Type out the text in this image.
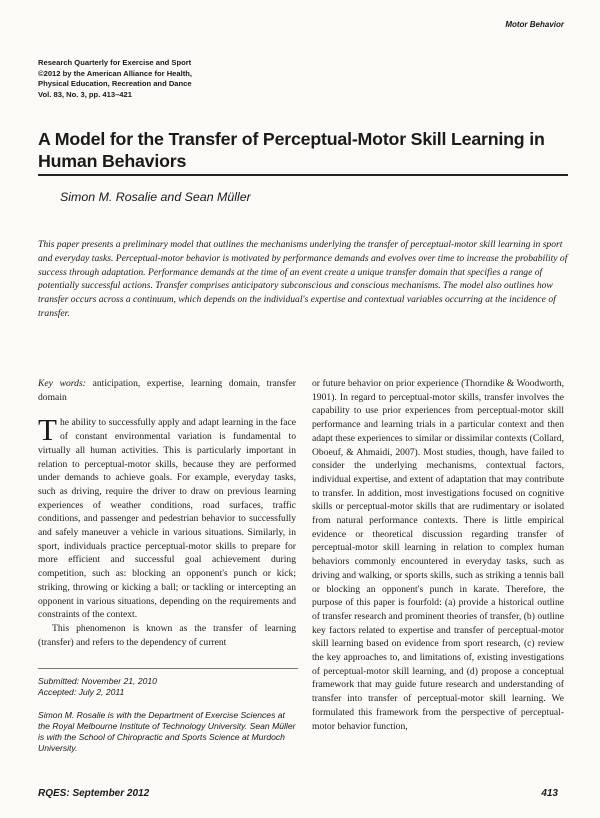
Motor Behavior
Research Quarterly for Exercise and Sport
©2012 by the American Alliance for Health,
Physical Education, Recreation and Dance
Vol. 83, No. 3, pp. 413–421
A Model for the Transfer of Perceptual-Motor Skill Learning in Human Behaviors
Simon M. Rosalie and Sean Müller

This paper presents a preliminary model that outlines the mechanisms underlying the transfer of perceptual-motor skill learning in sport and everyday tasks. Perceptual-motor behavior is motivated by performance demands and evolves over time to increase the probability of success through adaptation. Performance demands at the time of an event create a unique transfer domain that specifies a range of potentially successful actions. Transfer comprises anticipatory subconscious and conscious mechanisms. The model also outlines how transfer occurs across a continuum, which depends on the individual's expertise and contextual variables occurring at the incidence of transfer.

Key words: anticipation, expertise, learning domain, transfer domain

The ability to successfully apply and adapt learning in the face of constant environmental variation is fundamental to virtually all human activities. This is particularly important in relation to perceptual-motor skills, because they are performed under demands to achieve goals. For example, everyday tasks, such as driving, require the driver to draw on previous learning experiences of weather conditions, road surfaces, traffic conditions, and passenger and pedestrian behavior to successfully and safely maneuver a vehicle in various situations. Similarly, in sport, individuals practice perceptual-motor skills to prepare for more efficient and successful goal achievement during competition, such as: blocking an opponent's punch or kick; striking, throwing or kicking a ball; or tackling or intercepting an opponent in various situations, depending on the requirements and constraints of the context.

This phenomenon is known as the transfer of learning (transfer) and refers to the dependency of current

or future behavior on prior experience (Thorndike & Woodworth, 1901). In regard to perceptual-motor skills, transfer involves the capability to use prior experiences from perceptual-motor skill performance and learning trials in a particular context and then adapt these experiences to similar or dissimilar contexts (Collard, Oboeuf, & Ahmaidi, 2007). Most studies, though, have failed to consider the underlying mechanisms, contextual factors, individual expertise, and extent of adaptation that may contribute to transfer. In addition, most investigations focused on cognitive skills or perceptual-motor skills that are rudimentary or isolated from natural performance contexts. There is little empirical evidence or theoretical discussion regarding transfer of perceptual-motor skill learning in relation to complex human behaviors commonly encountered in everyday tasks, such as driving and walking, or sports skills, such as striking a tennis ball or blocking an opponent's punch in karate. Therefore, the purpose of this paper is fourfold: (a) provide a historical outline of transfer research and prominent theories of transfer, (b) outline key factors related to expertise and transfer of perceptual-motor skill learning based on evidence from sport research, (c) review the key approaches to, and limitations of, existing investigations of perceptual-motor skill learning, and (d) propose a conceptual framework that may guide future research and understanding of transfer into transfer of perceptual-motor skill learning. We formulated this framework from the perspective of perceptual-motor behavior function,

Submitted: November 21, 2010
Accepted: July 2, 2011

Simon M. Rosalie is with the Department of Exercise Sciences at the Royal Melbourne Institute of Technology University. Sean Müller is with the School of Chiropractic and Sports Science at Murdoch University.

RQES: September 2012	413
